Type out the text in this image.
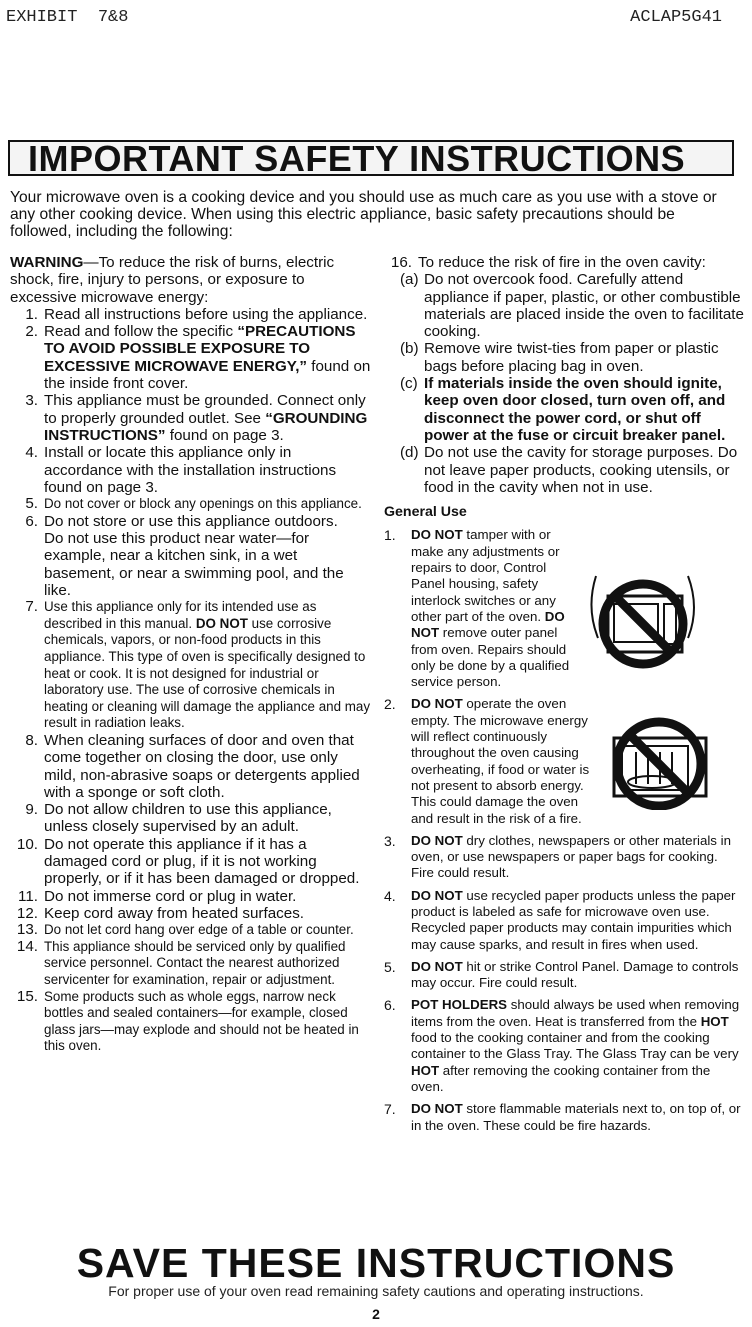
EXHIBIT  7&8	ACLAP5G41
IMPORTANT SAFETY INSTRUCTIONS
Your microwave oven is a cooking device and you should use as much care as you use with a stove or any other cooking device. When using this electric appliance, basic safety precautions should be followed, including the following:
WARNING—To reduce the risk of burns, electric shock, fire, injury to persons, or exposure to excessive microwave energy:
1. Read all instructions before using the appliance.
2. Read and follow the specific “PRECAUTIONS TO AVOID POSSIBLE EXPOSURE TO EXCESSIVE MICROWAVE ENERGY,” found on the inside front cover.
3. This appliance must be grounded. Connect only to properly grounded outlet. See “GROUNDING INSTRUCTIONS” found on page 3.
4. Install or locate this appliance only in accordance with the installation instructions found on page 3.
5. Do not cover or block any openings on this appliance.
6. Do not store or use this appliance outdoors.
Do not use this product near water—for example, near a kitchen sink, in a wet basement, or near a swimming pool, and the like.
7. Use this appliance only for its intended use as described in this manual. DO NOT use corrosive chemicals, vapors, or non-food products in this appliance. This type of oven is specifically designed to heat or cook. It is not designed for industrial or laboratory use. The use of corrosive chemicals in heating or cleaning will damage the appliance and may result in radiation leaks.
8. When cleaning surfaces of door and oven that come together on closing the door, use only mild, non-abrasive soaps or detergents applied with a sponge or soft cloth.
9. Do not allow children to use this appliance, unless closely supervised by an adult.
10. Do not operate this appliance if it has a damaged cord or plug, if it is not working properly, or if it has been damaged or dropped.
11. Do not immerse cord or plug in water.
12. Keep cord away from heated surfaces.
13. Do not let cord hang over edge of a table or counter.
14. This appliance should be serviced only by qualified service personnel. Contact the nearest authorized servicenter for examination, repair or adjustment.
15. Some products such as whole eggs, narrow neck bottles and sealed containers—for example, closed glass jars—may explode and should not be heated in this oven.
16. To reduce the risk of fire in the oven cavity:
(a) Do not overcook food. Carefully attend appliance if paper, plastic, or other combustible materials are placed inside the oven to facilitate cooking.
(b) Remove wire twist-ties from paper or plastic bags before placing bag in oven.
(c) If materials inside the oven should ignite, keep oven door closed, turn oven off, and disconnect the power cord, or shut off power at the fuse or circuit breaker panel.
(d) Do not use the cavity for storage purposes. Do not leave paper products, cooking utensils, or food in the cavity when not in use.
General Use
1. DO NOT tamper with or make any adjustments or repairs to door, Control Panel housing, safety interlock switches or any other part of the oven. DO NOT remove outer panel from oven. Repairs should only be done by a qualified service person.
2. DO NOT operate the oven empty. The microwave energy will reflect continuously throughout the oven causing overheating, if food or water is not present to absorb energy. This could damage the oven and result in the risk of a fire.
3. DO NOT dry clothes, newspapers or other materials in oven, or use newspapers or paper bags for cooking. Fire could result.
4. DO NOT use recycled paper products unless the paper product is labeled as safe for microwave oven use. Recycled paper products may contain impurities which may cause sparks, and result in fires when used.
5. DO NOT hit or strike Control Panel. Damage to controls may occur. Fire could result.
6. POT HOLDERS should always be used when removing items from the oven. Heat is transferred from the HOT food to the cooking container and from the cooking container to the Glass Tray. The Glass Tray can be very HOT after removing the cooking container from the oven.
7. DO NOT store flammable materials next to, on top of, or in the oven. These could be fire hazards.
SAVE THESE INSTRUCTIONS
For proper use of your oven read remaining safety cautions and operating instructions.
2
